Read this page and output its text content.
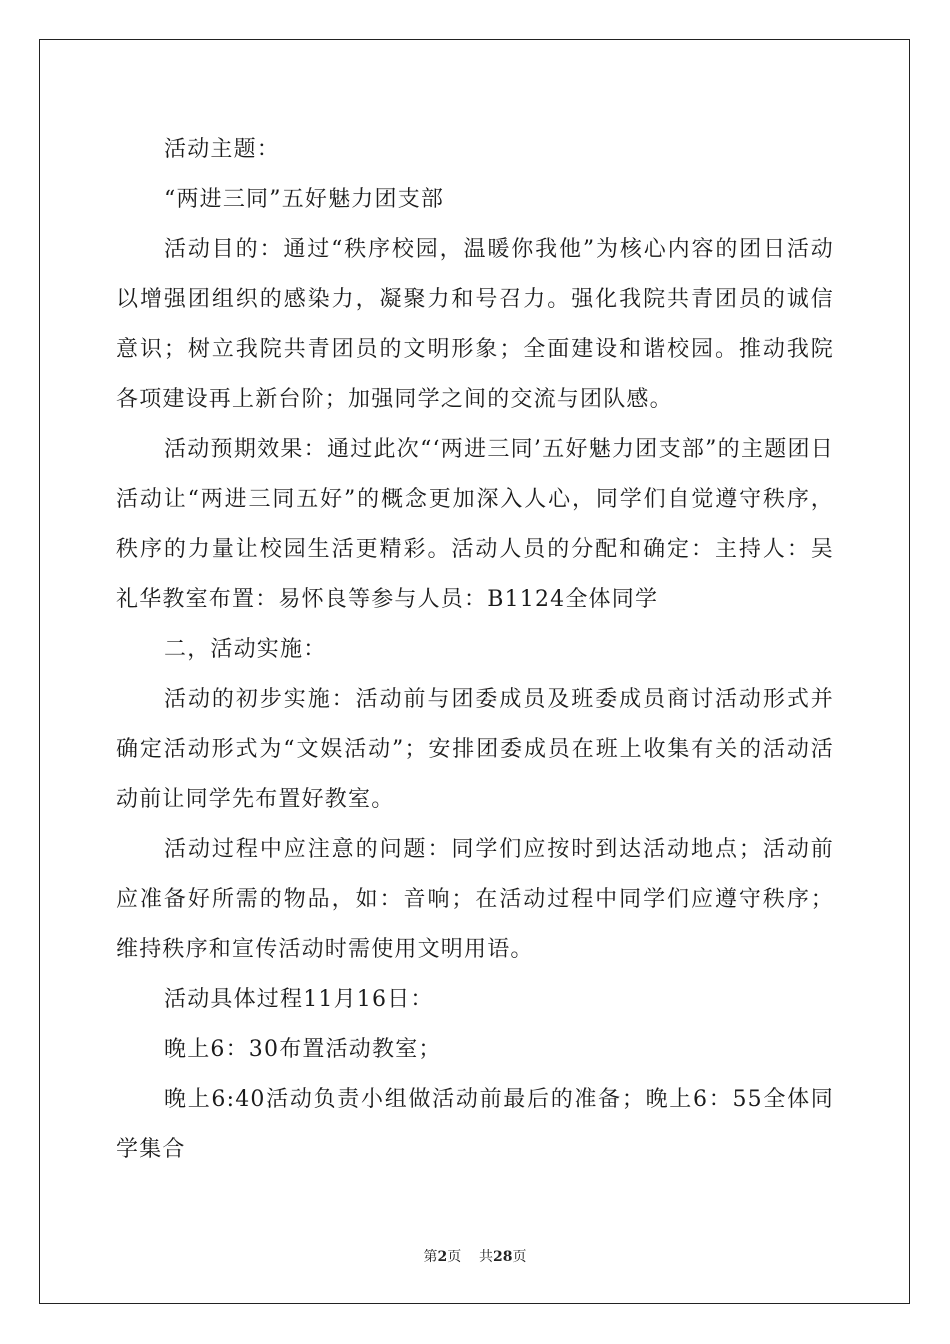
活动主题：

“两进三同”五好魅力团支部

活动目的：通过“秩序校园，温暖你我他”为核心内容的团日活动以增强团组织的感染力，凝聚力和号召力。强化我院共青团员的诚信意识；树立我院共青团员的文明形象；全面建设和谐校园。推动我院各项建设再上新台阶；加强同学之间的交流与团队感。

活动预期效果：通过此次“‘两进三同’五好魅力团支部”的主题团日活动让“两进三同五好”的概念更加深入人心，同学们自觉遵守秩序，秩序的力量让校园生活更精彩。活动人员的分配和确定：主持人：吴礼华教室布置：易怀良等参与人员：B1124全体同学

二，活动实施：

活动的初步实施：活动前与团委成员及班委成员商讨活动形式并确定活动形式为“文娱活动”；安排团委成员在班上收集有关的活动活动前让同学先布置好教室。

活动过程中应注意的问题：同学们应按时到达活动地点；活动前应准备好所需的物品，如：音响；在活动过程中同学们应遵守秩序；维持秩序和宣传活动时需使用文明用语。

活动具体过程11月16日：

晚上6：30布置活动教室；

晚上6:40活动负责小组做活动前最后的准备；晚上6：55全体同学集合

第2页 共28页
